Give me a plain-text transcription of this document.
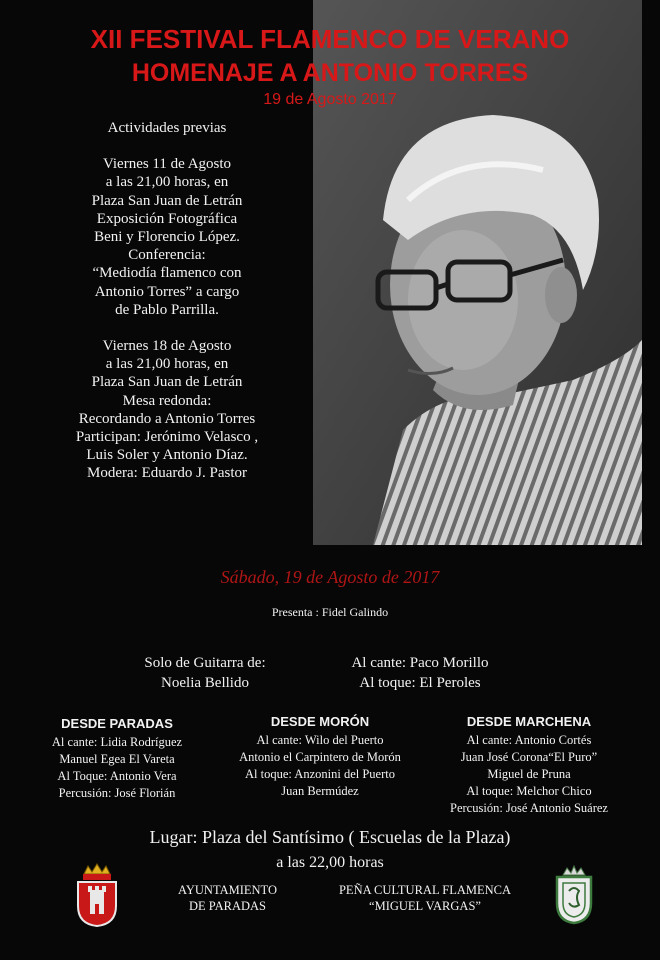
XII FESTIVAL FLAMENCO DE VERANO
HOMENAJE A ANTONIO TORRES
19 de Agosto 2017
Actividades previas
Viernes 11 de Agosto
a las 21,00 horas, en
Plaza San Juan de Letrán
Exposición Fotográfica
Beni y Florencio López.
Conferencia:
“Mediodía flamenco con
Antonio Torres” a cargo
de Pablo Parrilla.
Viernes 18 de Agosto
a las 21,00 horas, en
Plaza San Juan de Letrán
Mesa redonda:
Recordando a Antonio Torres
Participan: Jerónimo Velasco ,
Luis Soler y Antonio Díaz.
Modera: Eduardo J. Pastor
Sábado, 19 de Agosto de 2017
Presenta : Fidel Galindo
Solo de Guitarra de:
Noelia Bellido
Al cante: Paco Morillo
Al toque: El Peroles
DESDE PARADAS
Al cante: Lidia Rodríguez
Manuel Egea El Vareta
Al Toque: Antonio Vera
Percusión: José Florián
DESDE MORÓN
Al cante: Wilo del Puerto
Antonio el Carpintero de Morón
Al toque: Anzonini del Puerto
Juan Bermúdez
DESDE MARCHENA
Al cante: Antonio Cortés
Juan José Corona“El Puro”
Miguel de Pruna
Al toque: Melchor Chico
Percusión: José Antonio Suárez
Lugar: Plaza del Santísimo ( Escuelas de la Plaza)
a las 22,00 horas
AYUNTAMIENTO
DE PARADAS
PEÑA CULTURAL FLAMENCA
“MIGUEL VARGAS”
